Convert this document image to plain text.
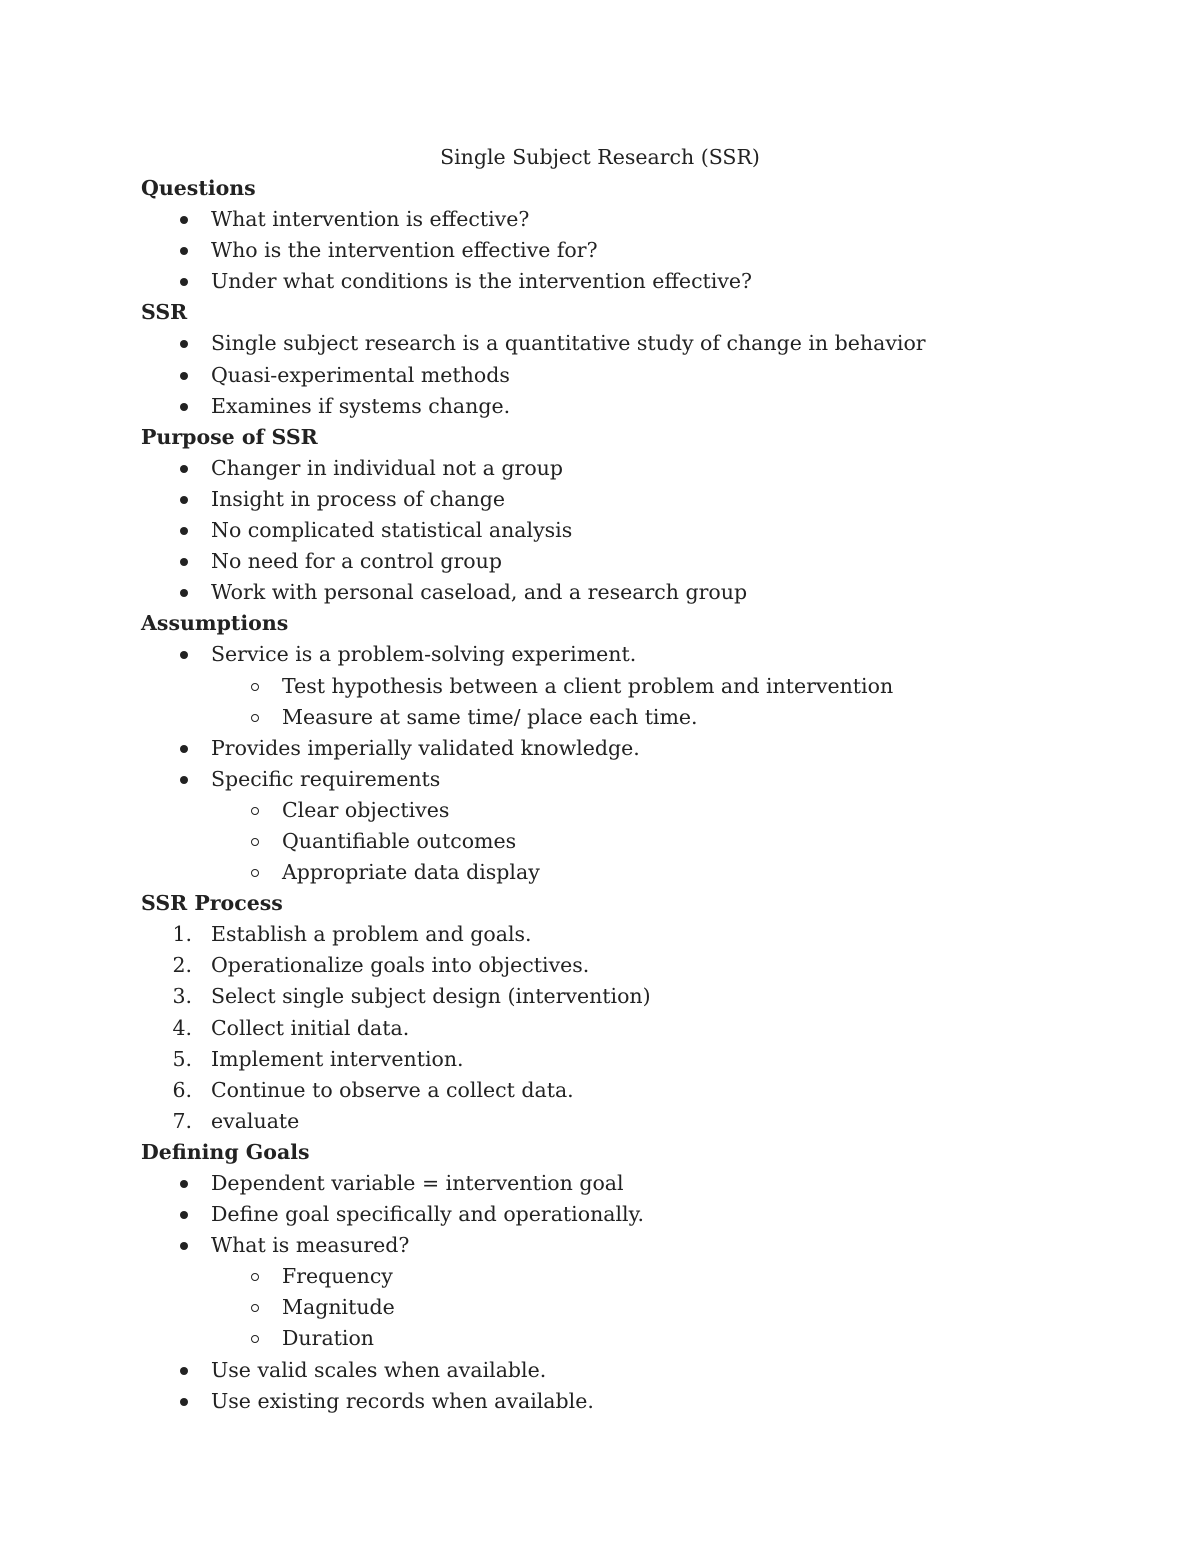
Single Subject Research (SSR)
Questions
What intervention is effective?
Who is the intervention effective for?
Under what conditions is the intervention effective?
SSR
Single subject research is a quantitative study of change in behavior
Quasi-experimental methods
Examines if systems change.
Purpose of SSR
Changer in individual not a group
Insight in process of change
No complicated statistical analysis
No need for a control group
Work with personal caseload, and a research group
Assumptions
Service is a problem-solving experiment.
Test hypothesis between a client problem and intervention
Measure at same time/ place each time.
Provides imperially validated knowledge.
Specific requirements
Clear objectives
Quantifiable outcomes
Appropriate data display
SSR Process
1. Establish a problem and goals.
2. Operationalize goals into objectives.
3. Select single subject design (intervention)
4. Collect initial data.
5. Implement intervention.
6. Continue to observe a collect data.
7. evaluate
Defining Goals
Dependent variable = intervention goal
Define goal specifically and operationally.
What is measured?
Frequency
Magnitude
Duration
Use valid scales when available.
Use existing records when available.
